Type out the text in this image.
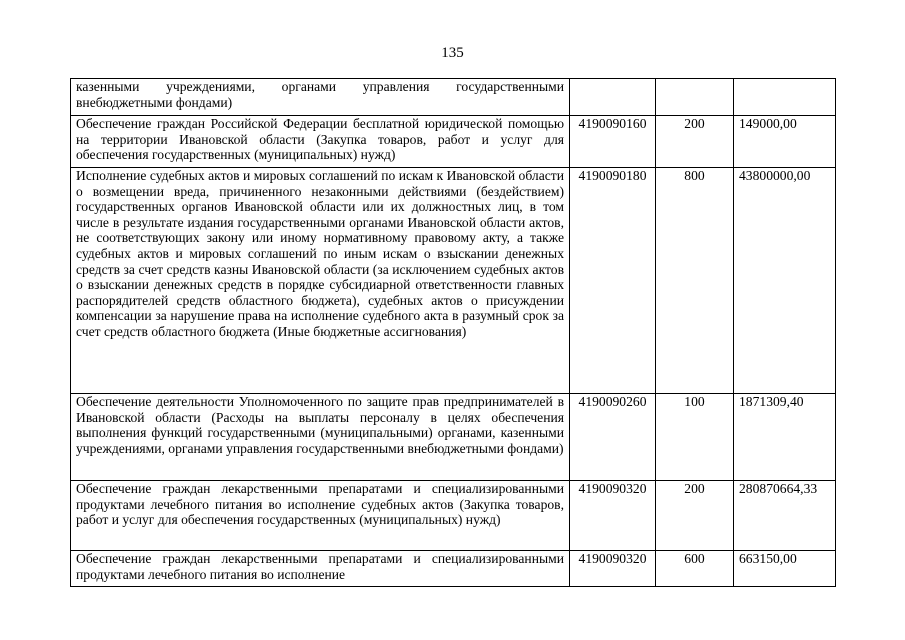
135
казенными учреждениями, органами управления государственными внебюджетными фондами)			
Обеспечение граждан Российской Федерации бесплатной юридической помощью на территории Ивановской области (Закупка товаров, работ и услуг для обеспечения государственных (муниципальных) нужд)	4190090160	200	149000,00
Исполнение судебных актов и мировых соглашений по искам к Ивановской области о возмещении вреда, причиненного незаконными действиями (бездействием) государственных органов Ивановской области или их должностных лиц, в том числе в результате издания государственными органами Ивановской области актов, не соответствующих закону или иному нормативному правовому акту, а также судебных актов и мировых соглашений по иным искам о взыскании денежных средств за счет средств казны Ивановской области (за исключением судебных актов о взыскании денежных средств в порядке субсидиарной ответственности главных распорядителей средств областного бюджета), судебных актов о присуждении компенсации за нарушение права на исполнение судебного акта в разумный срок за счет средств областного бюджета (Иные бюджетные ассигнования)	4190090180	800	43800000,00
Обеспечение деятельности Уполномоченного по защите прав предпринимателей в Ивановской области (Расходы на выплаты персоналу в целях обеспечения выполнения функций государственными (муниципальными) органами, казенными учреждениями, органами управления государственными внебюджетными фондами)	4190090260	100	1871309,40
Обеспечение граждан лекарственными препаратами и специализированными продуктами лечебного питания во исполнение судебных актов (Закупка товаров, работ и услуг для обеспечения государственных (муниципальных) нужд)	4190090320	200	280870664,33
Обеспечение граждан лекарственными препаратами и специализированными продуктами лечебного питания во исполнение	4190090320	600	663150,00
